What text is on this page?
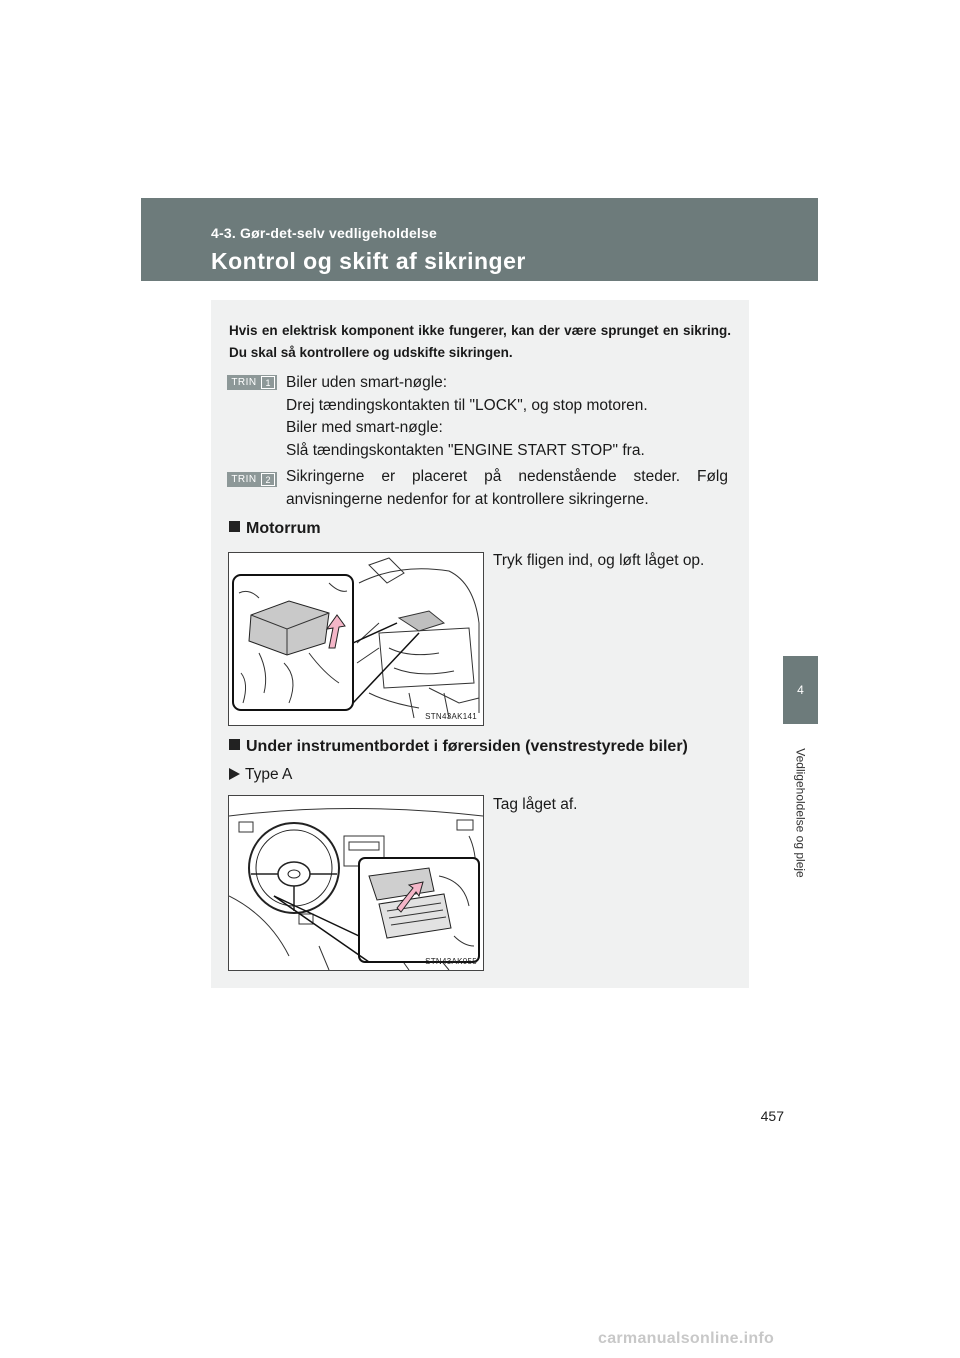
4-3. Gør-det-selv vedligeholdelse
Kontrol og skift af sikringer
4
Vedligeholdelse og pleje
Hvis en elektrisk komponent ikke fungerer, kan der være sprunget en sikring. Du skal så kontrollere og udskifte sikringen.
TRIN 1 Biler uden smart-nøgle:
Drej tændingskontakten til "LOCK", og stop motoren.
Biler med smart-nøgle:
Slå tændingskontakten "ENGINE START STOP" fra.
TRIN 2 Sikringerne er placeret på nedenstående steder. Følg anvisningerne nedenfor for at kontrollere sikringerne.
Motorrum
Tryk fligen ind, og løft låget op.
STN43AK141
Under instrumentbordet i førersiden (venstrestyrede biler)
Type A
Tag låget af.
STN43AK055
457
carmanualsonline.info
